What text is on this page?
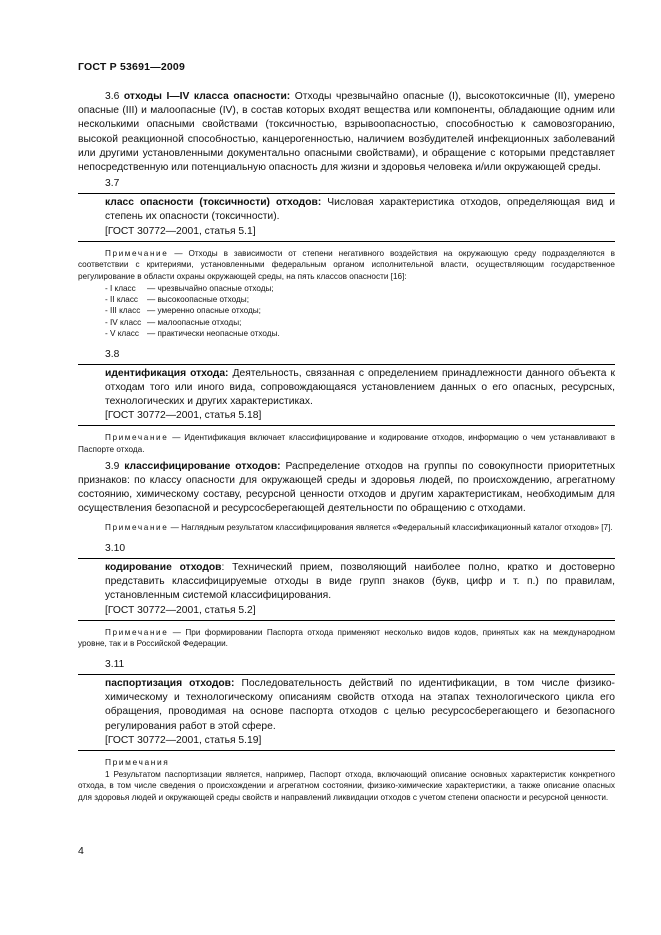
ГОСТ Р 53691—2009

3.6 отходы I—IV класса опасности: Отходы чрезвычайно опасные (I), высокотоксичные (II), умерено опасные (III) и малоопасные (IV), в состав которых входят вещества или компоненты, обладающие одним или несколькими опасными свойствами (токсичностью, взрывоопасностью, способностью к самовозгоранию, высокой реакционной способностью, канцерогенностью, наличием возбудителей инфекционных заболеваний или другими установленными документально опасными свойствами), и обращение с которыми представляет непосредственную или потенциальную опасность для жизни и здоровья человека и/или окружающей среды.

3.7
класс опасности (токсичности) отходов: Числовая характеристика отходов, определяющая вид и степень их опасности (токсичности).
[ГОСТ 30772—2001, статья 5.1]

Примечание — Отходы в зависимости от степени негативного воздействия на окружающую среду подразделяются в соответствии с критериями, установленными федеральным органом исполнительной власти, осуществляющим государственное регулирование в области охраны окружающей среды, на пять классов опасности [16]:

- I класс — чрезвычайно опасные отходы;
- II класс — высокоопасные отходы;
- III класс — умеренно опасные отходы;
- IV класс — малоопасные отходы;
- V класс — практически неопасные отходы.
3.8
идентификация отхода: Деятельность, связанная с определением принадлежности данного объекта к отходам того или иного вида, сопровождающаяся установлением данных о его опасных, ресурсных, технологических и других характеристиках.
[ГОСТ 30772—2001, статья 5.18]

Примечание — Идентификация включает классифицирование и кодирование отходов, информацию о чем устанавливают в Паспорте отхода.

3.9 классифицирование отходов: Распределение отходов на группы по совокупности приоритетных признаков: по классу опасности для окружающей среды и здоровья людей, по происхождению, агрегатному состоянию, химическому составу, ресурсной ценности отходов и другим характеристикам, необходимым для осуществления безопасной и ресурсосберегающей деятельности по обращению с отходами.

Примечание — Наглядным результатом классифицирования является «Федеральный классификационный каталог отходов» [7].

3.10
кодирование отходов: Технический прием, позволяющий наиболее полно, кратко и достоверно представить классифицируемые отходы в виде групп знаков (букв, цифр и т. п.) по правилам, установленным системой классифицирования.
[ГОСТ 30772—2001, статья 5.2]

Примечание — При формировании Паспорта отхода применяют несколько видов кодов, принятых как на международном уровне, так и в Российской Федерации.

3.11
паспортизация отходов: Последовательность действий по идентификации, в том числе физико-химическому и технологическому описаниям свойств отхода на этапах технологического цикла его обращения, проводимая на основе паспорта отходов с целью ресурсосберегающего и безопасного регулирования работ в этой сфере.
[ГОСТ 30772—2001, статья 5.19]
Примечания

1 Результатом паспортизации является, например, Паспорт отхода, включающий описание основных характеристик конкретного отхода, в том числе сведения о происхождении и агрегатном состоянии, физико-химические характеристики, а также описание опасных для здоровья людей и окружающей среды свойств и направлений ликвидации отходов с учетом степени опасности и ресурсной ценности.

4
